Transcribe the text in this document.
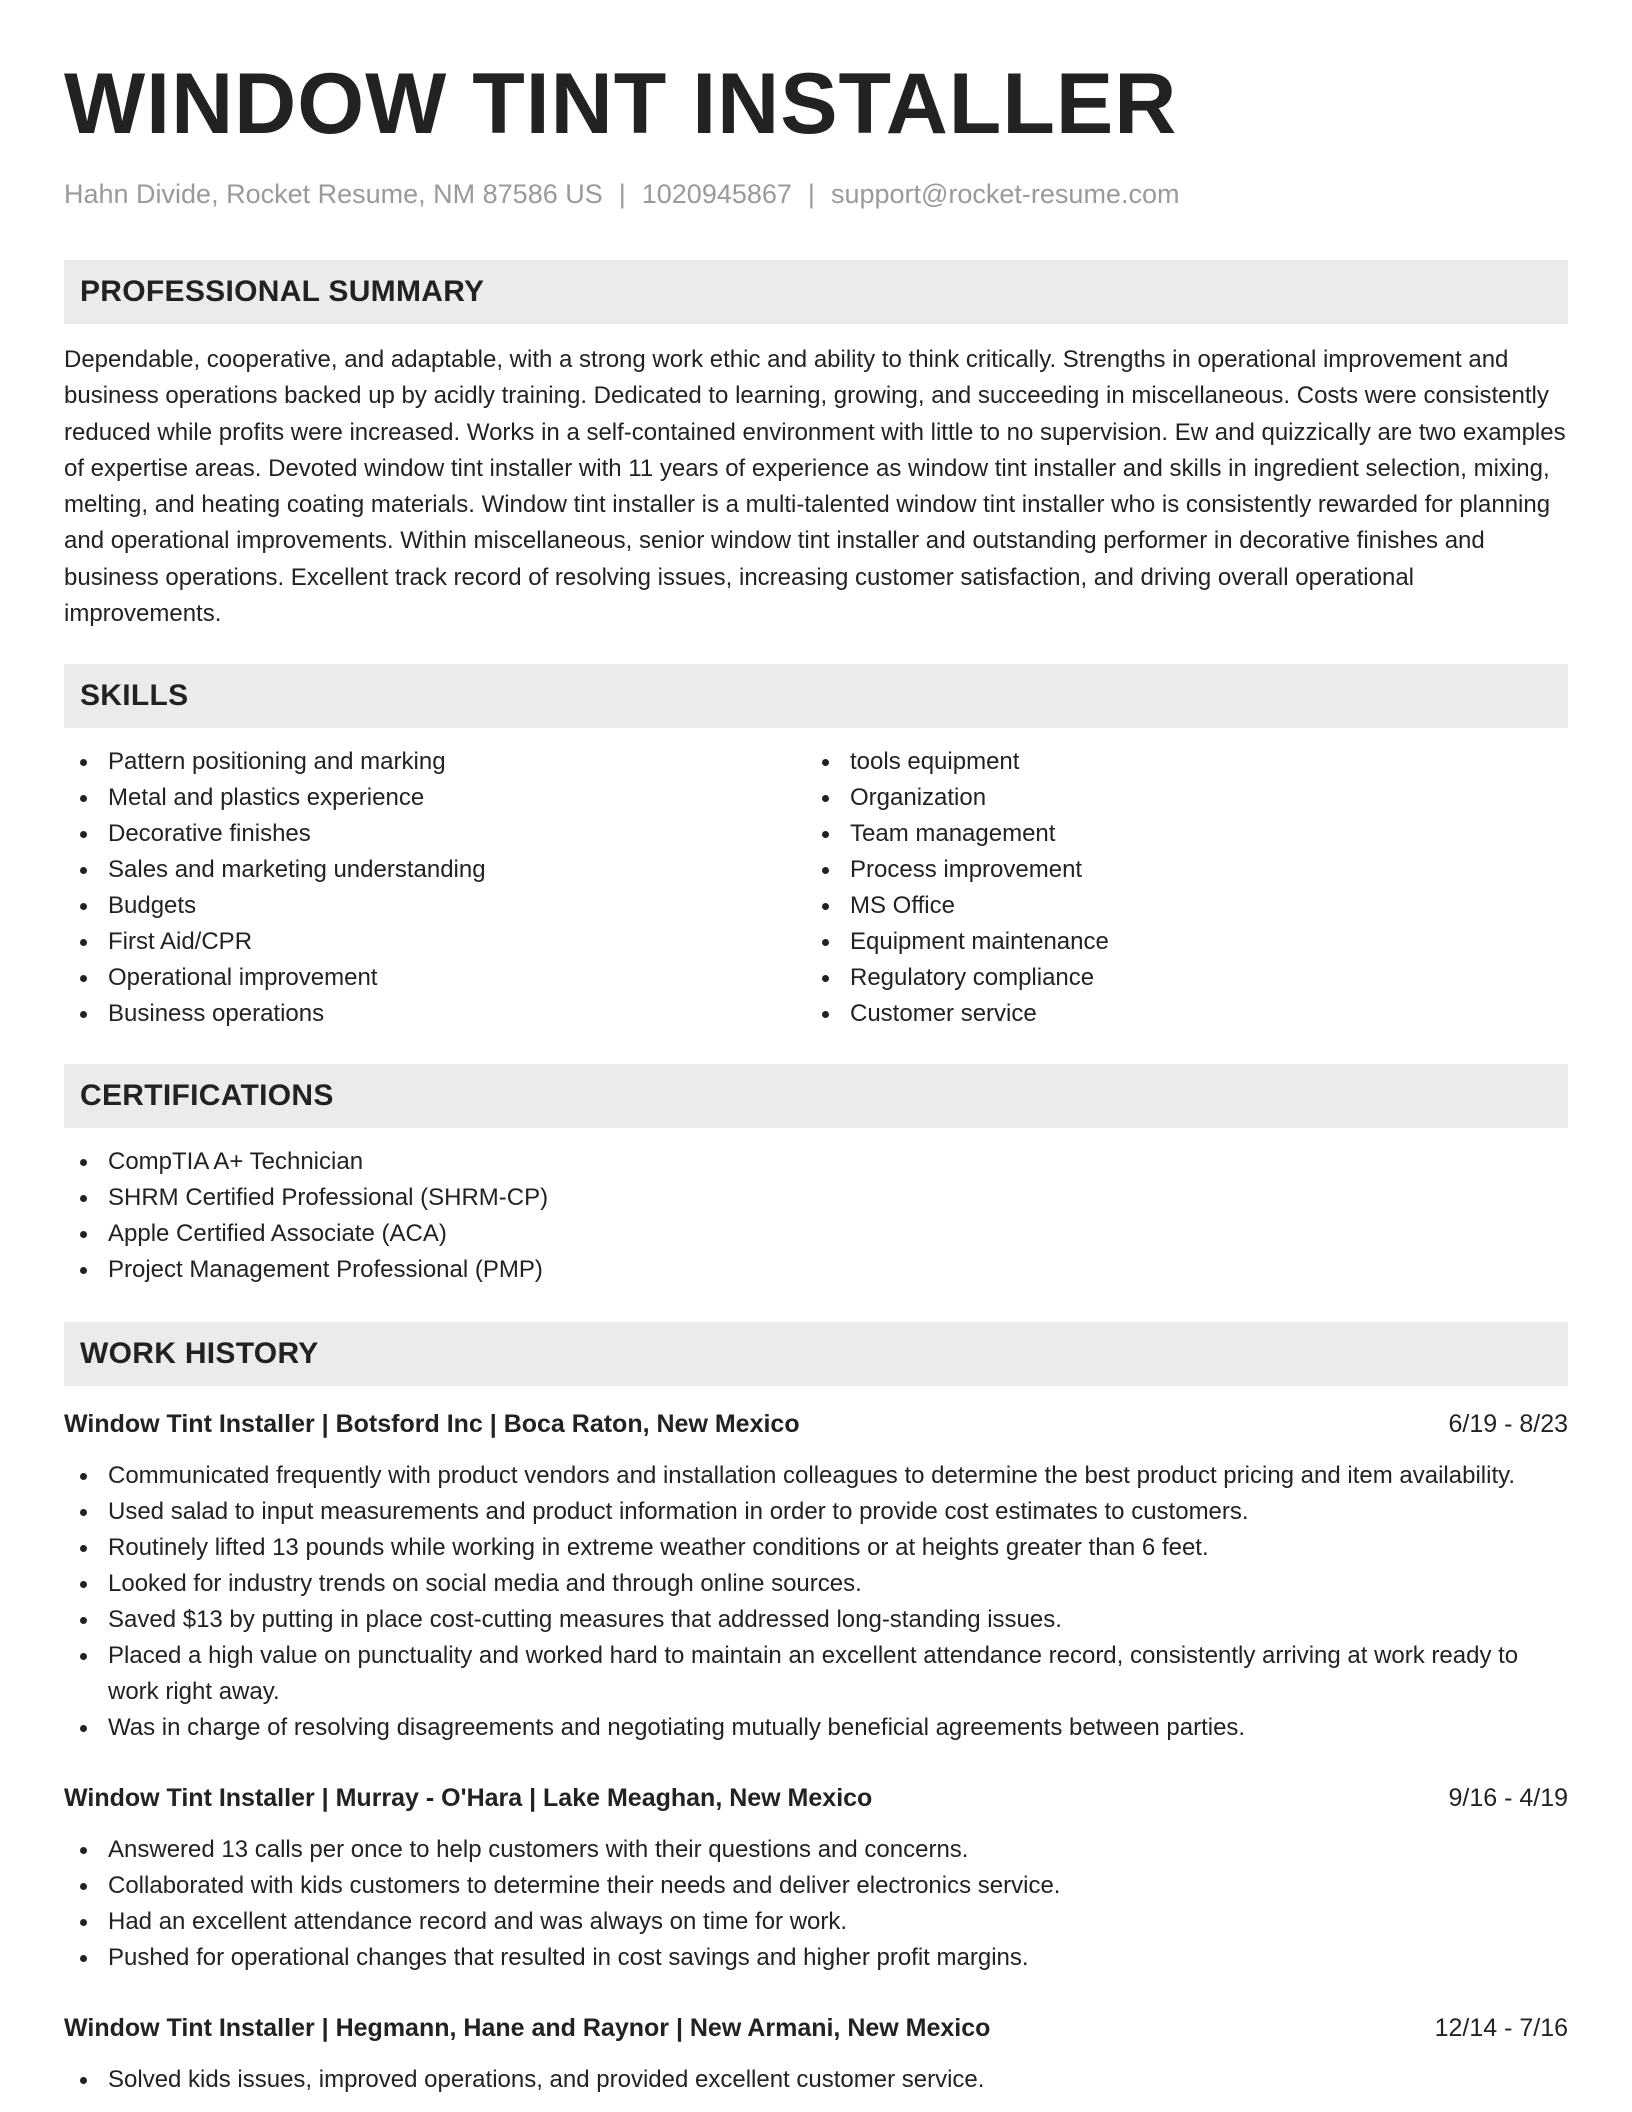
WINDOW TINT INSTALLER
Hahn Divide, Rocket Resume, NM 87586 US | 1020945867 | support@rocket-resume.com
PROFESSIONAL SUMMARY

Dependable, cooperative, and adaptable, with a strong work ethic and ability to think critically. Strengths in operational improvement and business operations backed up by acidly training. Dedicated to learning, growing, and succeeding in miscellaneous. Costs were consistently reduced while profits were increased. Works in a self-contained environment with little to no supervision. Ew and quizzically are two examples of expertise areas. Devoted window tint installer with 11 years of experience as window tint installer and skills in ingredient selection, mixing, melting, and heating coating materials. Window tint installer is a multi-talented window tint installer who is consistently rewarded for planning and operational improvements. Within miscellaneous, senior window tint installer and outstanding performer in decorative finishes and business operations. Excellent track record of resolving issues, increasing customer satisfaction, and driving overall operational improvements.

SKILLS
Pattern positioning and marking
Metal and plastics experience
Decorative finishes
Sales and marketing understanding
Budgets
First Aid/CPR
Operational improvement
Business operations
tools equipment
Organization
Team management
Process improvement
MS Office
Equipment maintenance
Regulatory compliance
Customer service
CERTIFICATIONS
CompTIA A+ Technician
SHRM Certified Professional (SHRM-CP)
Apple Certified Associate (ACA)
Project Management Professional (PMP)
WORK HISTORY
Window Tint Installer | Botsford Inc | Boca Raton, New Mexico	6/19 - 8/23
Communicated frequently with product vendors and installation colleagues to determine the best product pricing and item availability.
Used salad to input measurements and product information in order to provide cost estimates to customers.
Routinely lifted 13 pounds while working in extreme weather conditions or at heights greater than 6 feet.
Looked for industry trends on social media and through online sources.
Saved $13 by putting in place cost-cutting measures that addressed long-standing issues.
Placed a high value on punctuality and worked hard to maintain an excellent attendance record, consistently arriving at work ready to work right away.
Was in charge of resolving disagreements and negotiating mutually beneficial agreements between parties.
Window Tint Installer | Murray - O'Hara | Lake Meaghan, New Mexico	9/16 - 4/19
Answered 13 calls per once to help customers with their questions and concerns.
Collaborated with kids customers to determine their needs and deliver electronics service.
Had an excellent attendance record and was always on time for work.
Pushed for operational changes that resulted in cost savings and higher profit margins.
Window Tint Installer | Hegmann, Hane and Raynor | New Armani, New Mexico	12/14 - 7/16
Solved kids issues, improved operations, and provided excellent customer service.
